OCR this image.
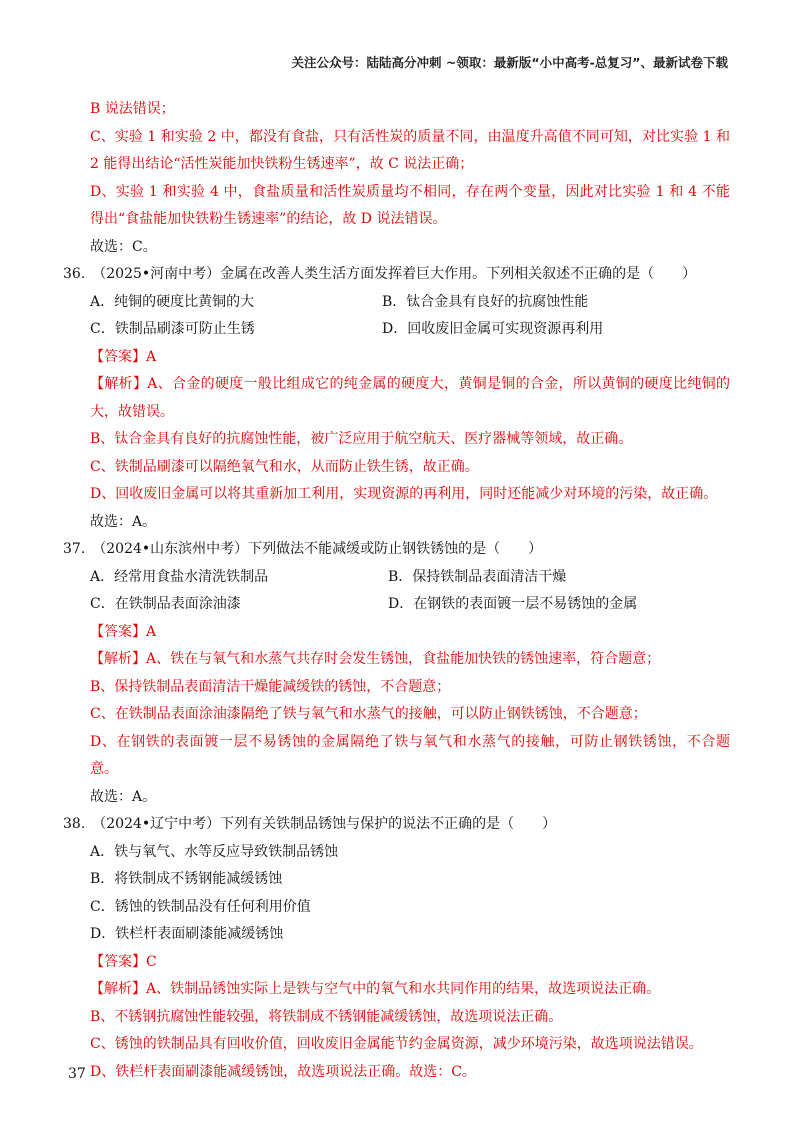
关注公众号：陆陆高分冲刺 ~领取：最新版“小中高考-总复习”、最新试卷下载
B 说法错误；
C、实验 1 和实验 2 中，都没有食盐，只有活性炭的质量不同，由温度升高值不同可知，对比实验 1 和 2 能得出结论“活性炭能加快铁粉生锈速率”，故 C 说法正确；
D、实验 1 和实验 4 中，食盐质量和活性炭质量均不相同，存在两个变量，因此对比实验 1 和 4 不能得出“食盐能加快铁粉生锈速率”的结论，故 D 说法错误。
故选：C。
36.　（2025•河南中考）金属在改善人类生活方面发挥着巨大作用。下列相关叙述不正确的是（　　）
A．纯铜的硬度比黄铜的大	B．钛合金具有良好的抗腐蚀性能
C．铁制品刷漆可防止生锈	D．回收废旧金属可实现资源再利用
【答案】A
【解析】A、合金的硬度一般比组成它的纯金属的硬度大，黄铜是铜的合金，所以黄铜的硬度比纯铜的大，故错误。
B、钛合金具有良好的抗腐蚀性能，被广泛应用于航空航天、医疗器械等领域，故正确。
C、铁制品刷漆可以隔绝氧气和水，从而防止铁生锈，故正确。
D、回收废旧金属可以将其重新加工利用，实现资源的再利用，同时还能减少对环境的污染，故正确。
故选：A。
37.　（2024•山东滨州中考）下列做法不能减缓或防止钢铁锈蚀的是（　　）
A．经常用食盐水清洗铁制品	B．保持铁制品表面清洁干燥
C．在铁制品表面涂油漆	D．在钢铁的表面镀一层不易锈蚀的金属
【答案】A
【解析】A、铁在与氧气和水蒸气共存时会发生锈蚀，食盐能加快铁的锈蚀速率，符合题意；
B、保持铁制品表面清洁干燥能减缓铁的锈蚀，不合题意；
C、在铁制品表面涂油漆隔绝了铁与氧气和水蒸气的接触，可以防止钢铁锈蚀，不合题意；
D、在钢铁的表面镀一层不易锈蚀的金属隔绝了铁与氧气和水蒸气的接触，可防止钢铁锈蚀，不合题意。
故选：A。
38.　（2024•辽宁中考）下列有关铁制品锈蚀与保护的说法不正确的是（　　）
A．铁与氧气、水等反应导致铁制品锈蚀
B．将铁制成不锈钢能减缓锈蚀
C．锈蚀的铁制品没有任何利用价值
D．铁栏杆表面刷漆能减缓锈蚀
【答案】C
【解析】A、铁制品锈蚀实际上是铁与空气中的氧气和水共同作用的结果，故选项说法正确。
B、不锈钢抗腐蚀性能较强，将铁制成不锈钢能减缓锈蚀，故选项说法正确。
C、锈蚀的铁制品具有回收价值，回收废旧金属能节约金属资源，减少环境污染，故选项说法错误。
D、铁栏杆表面刷漆能减缓锈蚀，故选项说法正确。故选：C。
37
